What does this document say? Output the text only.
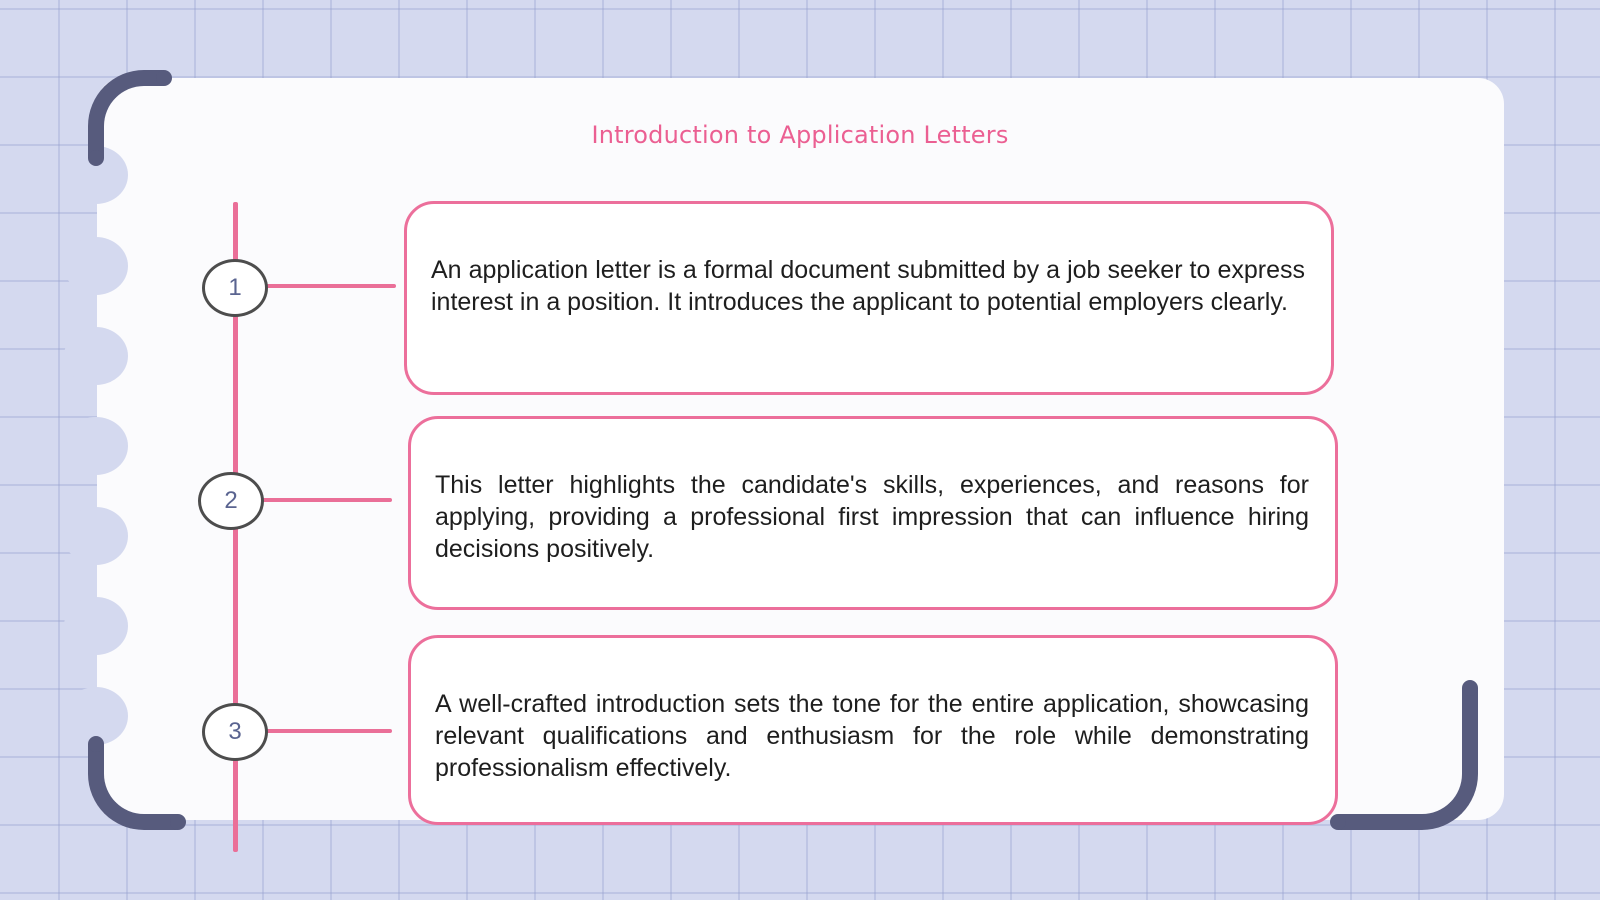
Introduction to Application Letters
1
2
3

An application letter is a formal document submitted by a job seeker to express interest in a position. It introduces the applicant to potential employers clearly.

This letter highlights the candidate's skills, experiences, and reasons for applying, providing a professional first impression that can influence hiring decisions positively.

A well-crafted introduction sets the tone for the entire application, showcasing relevant qualifications and enthusiasm for the role while demonstrating professionalism effectively.
